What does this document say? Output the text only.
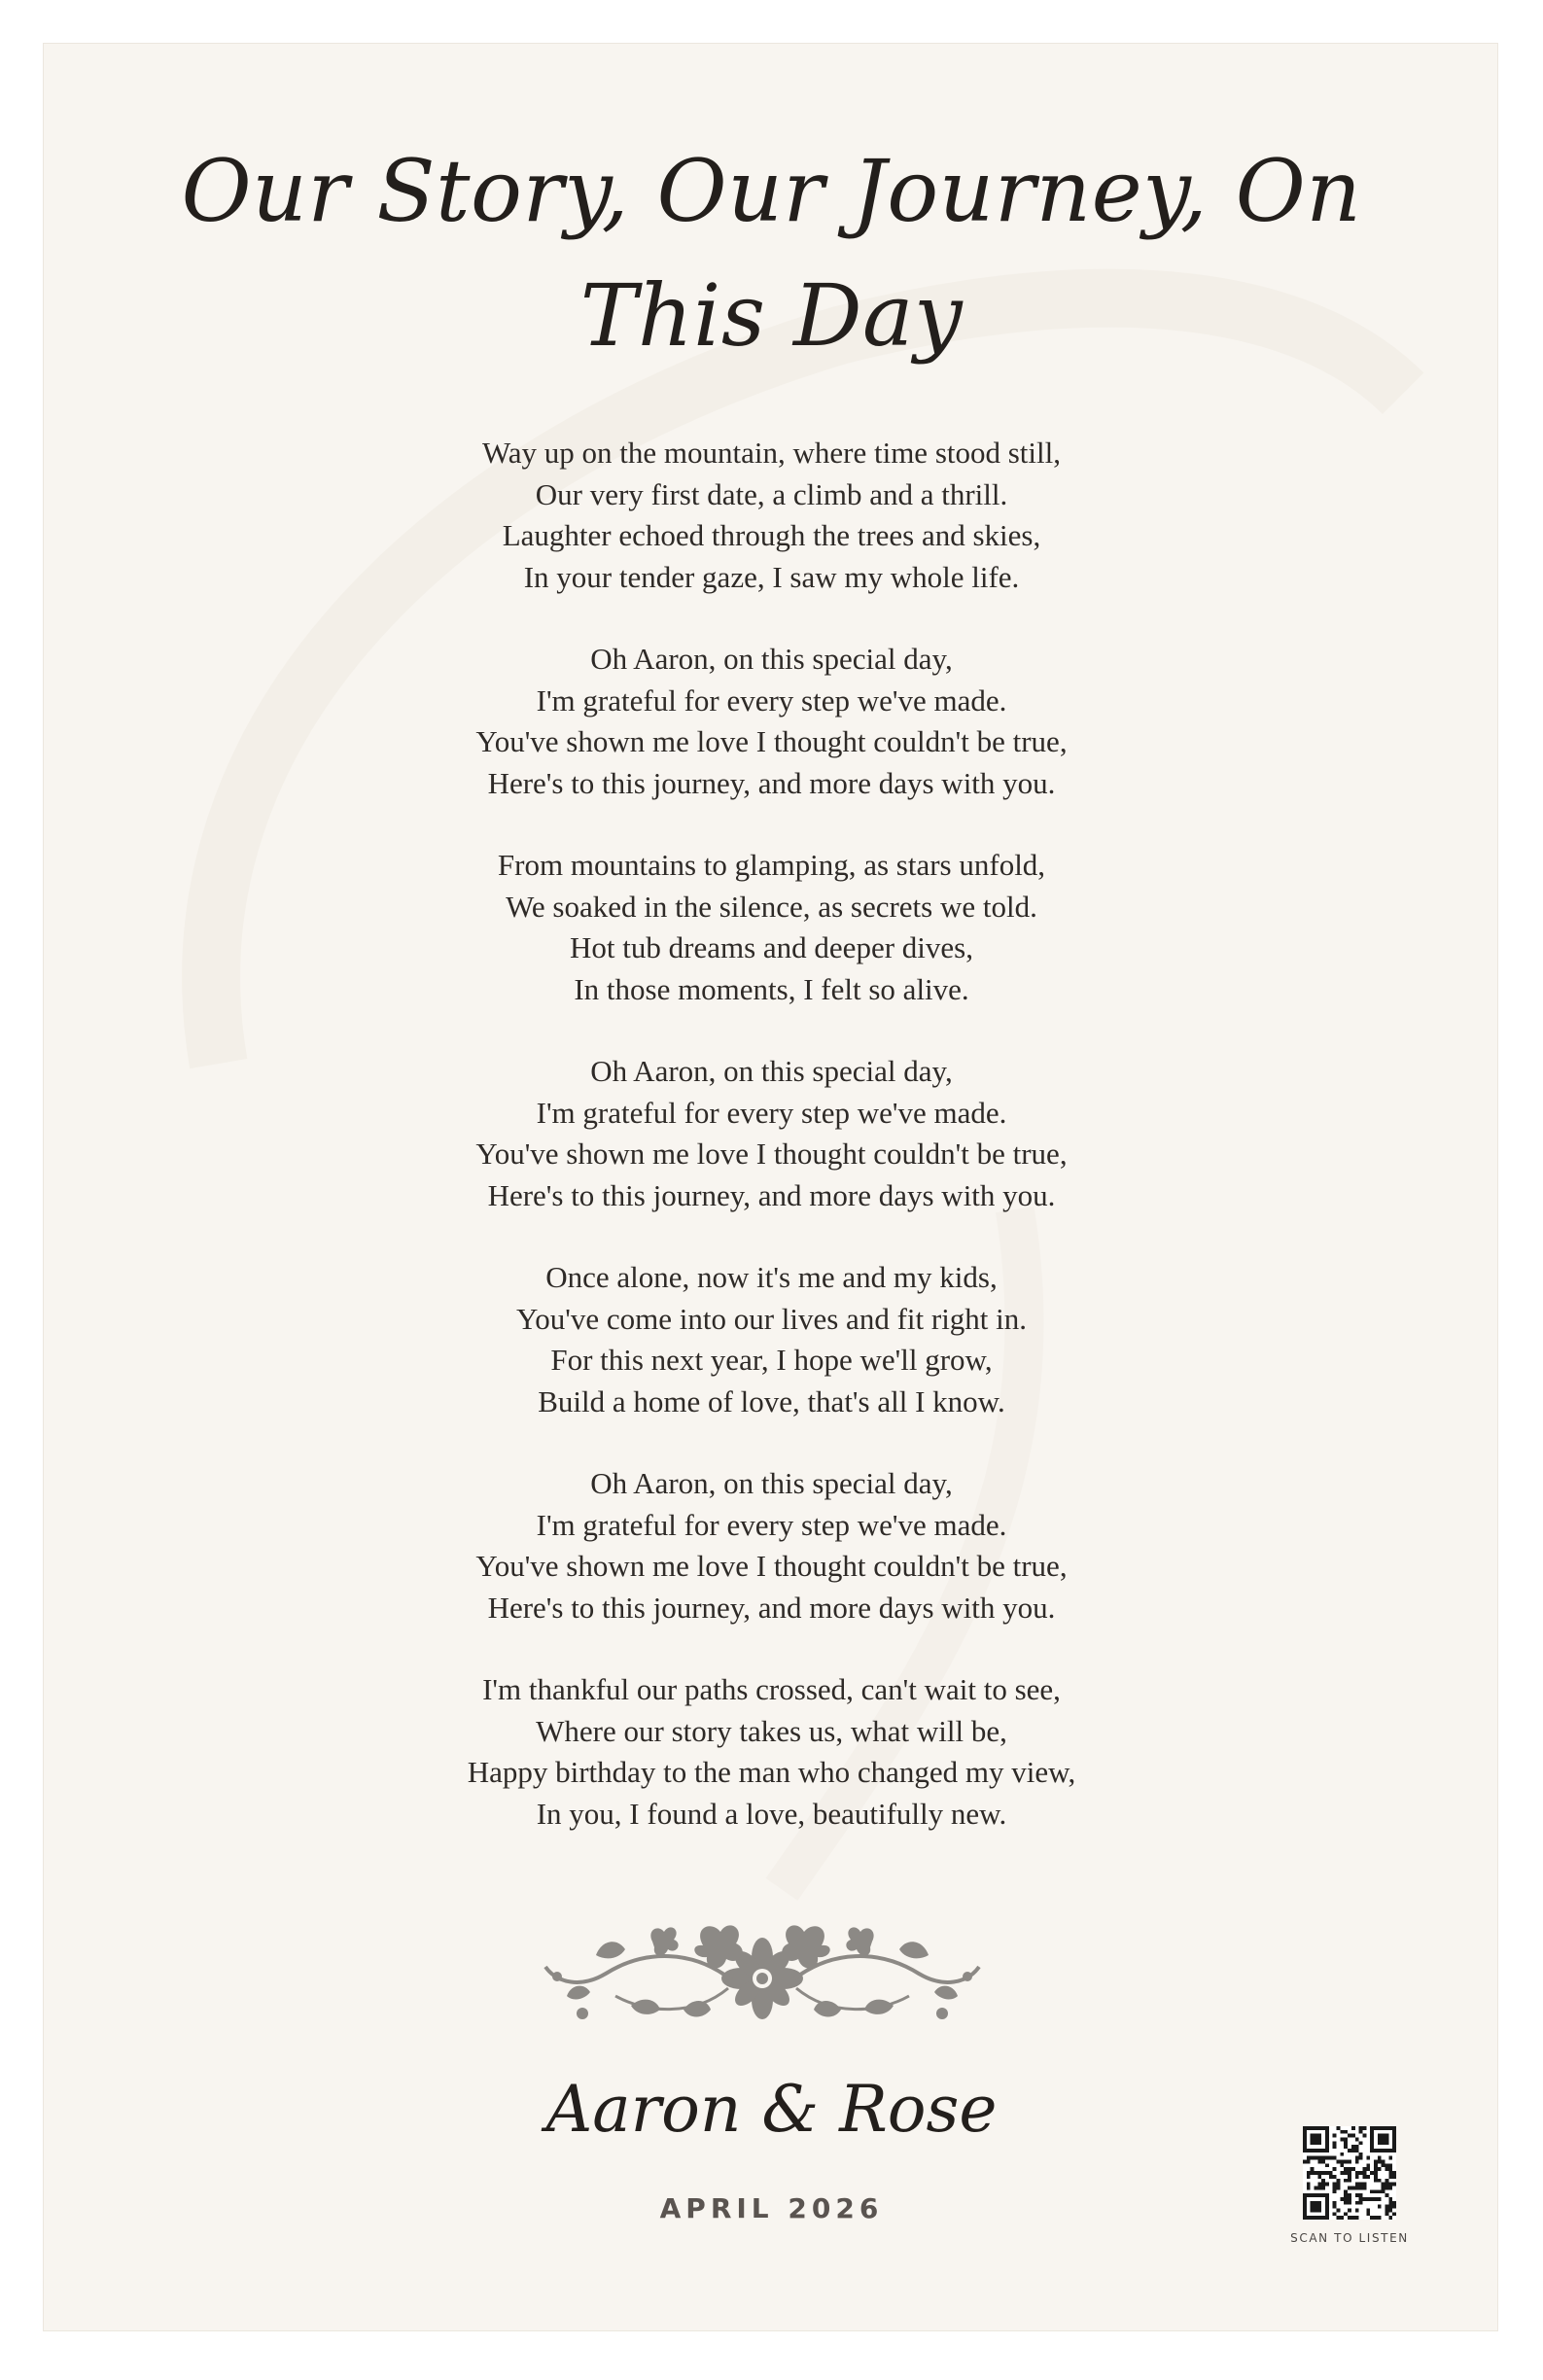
Our Story, Our Journey, On This Day

Way up on the mountain, where time stood still,
Our very first date, a climb and a thrill.
Laughter echoed through the trees and skies,
In your tender gaze, I saw my whole life.

Oh Aaron, on this special day,
I'm grateful for every step we've made.
You've shown me love I thought couldn't be true,
Here's to this journey, and more days with you.

From mountains to glamping, as stars unfold,
We soaked in the silence, as secrets we told.
Hot tub dreams and deeper dives,
In those moments, I felt so alive.

Oh Aaron, on this special day,
I'm grateful for every step we've made.
You've shown me love I thought couldn't be true,
Here's to this journey, and more days with you.

Once alone, now it's me and my kids,
You've come into our lives and fit right in.
For this next year, I hope we'll grow,
Build a home of love, that's all I know.

Oh Aaron, on this special day,
I'm grateful for every step we've made.
You've shown me love I thought couldn't be true,
Here's to this journey, and more days with you.

I'm thankful our paths crossed, can't wait to see,
Where our story takes us, what will be,
Happy birthday to the man who changed my view,
In you, I found a love, beautifully new.

Aaron & Rose
APRIL 2026
SCAN TO LISTEN
